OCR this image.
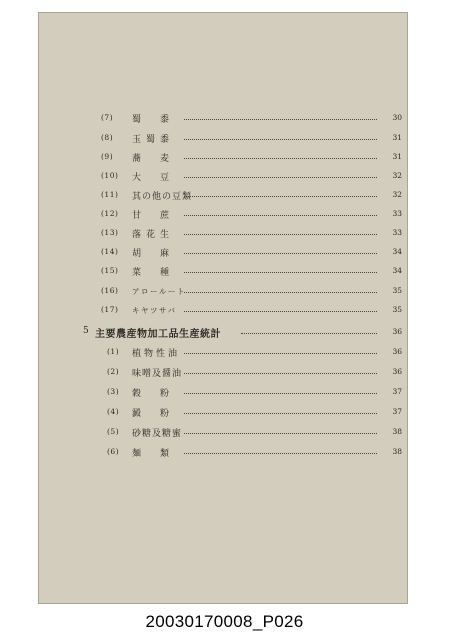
(7) 蜀　黍	30
(8) 玉蜀黍	31
(9) 蕎　麦	31
(10) 大　豆	32
(11) 其の他の豆類	32
(12) 甘　蔗	33
(13) 落花生	33
(14) 胡　麻	34
(15) 菜　種	34
(16) アロールート	35
(17) キヤツサバ	35
5 主要農産物加工品生産統計	36
(1) 植物性油	36
(2) 味噌及醤油	36
(3) 穀　粉	37
(4) 澱　粉	37
(5) 砂糖及糖蜜	38
(6) 麺　類	38
20030170008_P026
